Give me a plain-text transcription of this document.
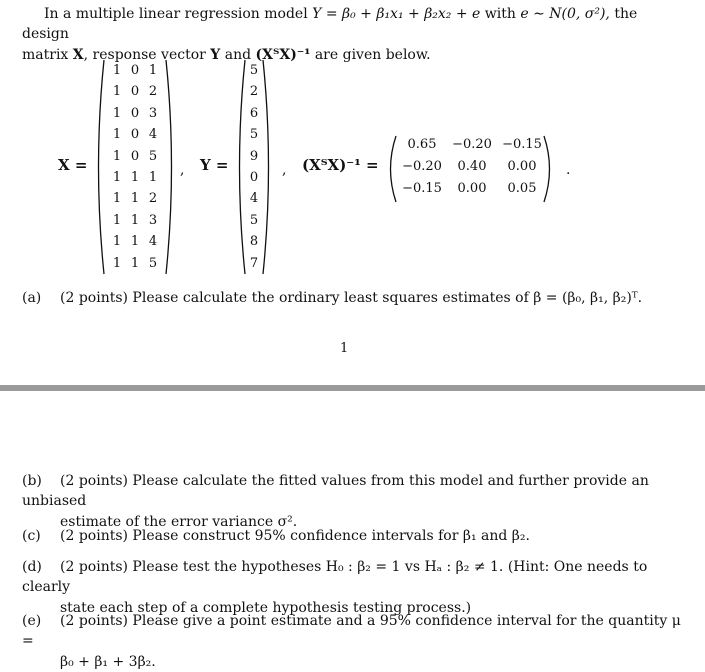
In a multiple linear regression model Y = β₀ + β₁x₁ + β₂x₂ + e with e ∼ N(0, σ²), the design

matrix X, response vector Y and (XᵀX)⁻¹ are given below.

X =
1 0 1
1 0 2
1 0 3
1 0 4
1 0 5
1 1 1
1 1 2
1 1 3
1 1 4
1 1 5
, Y =
5
2
6
5
9
0
4
5
8
7
, (XᵀX)⁻¹ =
0.65	−0.20 −0.15
−0.20	0.40	0.00
−0.15	0.00	0.05
.
(a) (2 points) Please calculate the ordinary least squares estimates of β = (β₀, β₁, β₂)ᵀ.
1
(b) (2 points) Please calculate the fitted values from this model and further provide an unbiased
estimate of the error variance σ².
(c) (2 points) Please construct 95% confidence intervals for β₁ and β₂.
(d) (2 points) Please test the hypotheses H₀ : β₂ = 1 vs Hₐ : β₂ ≠ 1. (Hint: One needs to clearly
state each step of a complete hypothesis testing process.)
(e) (2 points) Please give a point estimate and a 95% confidence interval for the quantity μ =
β₀ + β₁ + 3β₂.
